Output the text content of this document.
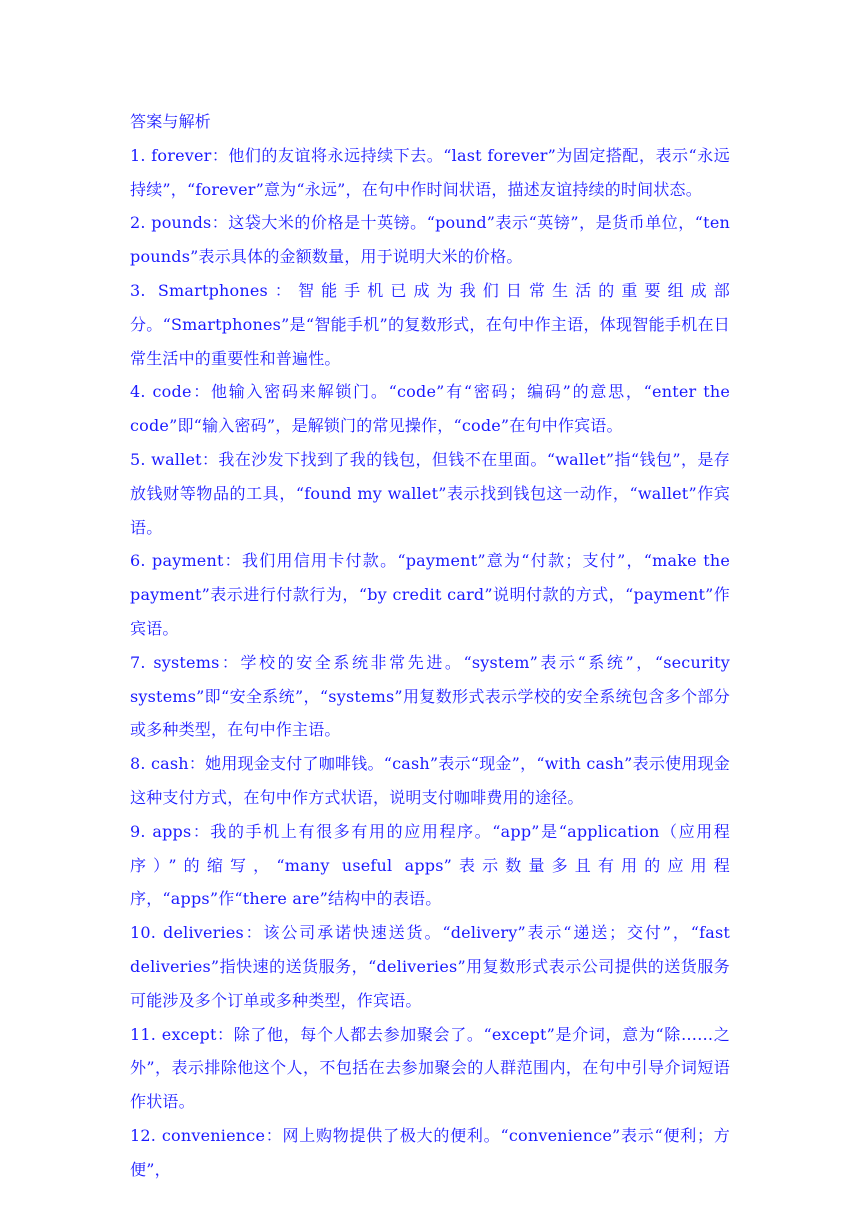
答案与解析

1. forever：他们的友谊将永远持续下去。“last forever”为固定搭配，表示“永远持续”，“forever”意为“永远”，在句中作时间状语，描述友谊持续的时间状态。

2. pounds：这袋大米的价格是十英镑。“pound”表示“英镑”，是货币单位，“ten pounds”表示具体的金额数量，用于说明大米的价格。

3. Smartphones：智能手机已成为我们日常生活的重要组成部分。“Smartphones”是“智能手机”的复数形式，在句中作主语，体现智能手机在日常生活中的重要性和普遍性。

4. code：他输入密码来解锁门。“code”有“密码；编码”的意思，“enter the code”即“输入密码”，是解锁门的常见操作，“code”在句中作宾语。

5. wallet：我在沙发下找到了我的钱包，但钱不在里面。“wallet”指“钱包”，是存放钱财等物品的工具，“found my wallet”表示找到钱包这一动作，“wallet”作宾语。

6. payment：我们用信用卡付款。“payment”意为“付款；支付”，“make the payment”表示进行付款行为，“by credit card”说明付款的方式，“payment”作宾语。

7. systems：学校的安全系统非常先进。“system”表示“系统”，“security systems”即“安全系统”，“systems”用复数形式表示学校的安全系统包含多个部分或多种类型，在句中作主语。

8. cash：她用现金支付了咖啡钱。“cash”表示“现金”，“with cash”表示使用现金这种支付方式，在句中作方式状语，说明支付咖啡费用的途径。

9. apps：我的手机上有很多有用的应用程序。“app”是“application（应用程序）”的缩写，“many useful apps”表示数量多且有用的应用程序，“apps”作“there are”结构中的表语。

10. deliveries：该公司承诺快速送货。“delivery”表示“递送；交付”，“fast deliveries”指快速的送货服务，“deliveries”用复数形式表示公司提供的送货服务可能涉及多个订单或多种类型，作宾语。

11. except：除了他，每个人都去参加聚会了。“except”是介词，意为“除……之外”，表示排除他这个人，不包括在去参加聚会的人群范围内，在句中引导介词短语作状语。

12. convenience：网上购物提供了极大的便利。“convenience”表示“便利；方便”，
